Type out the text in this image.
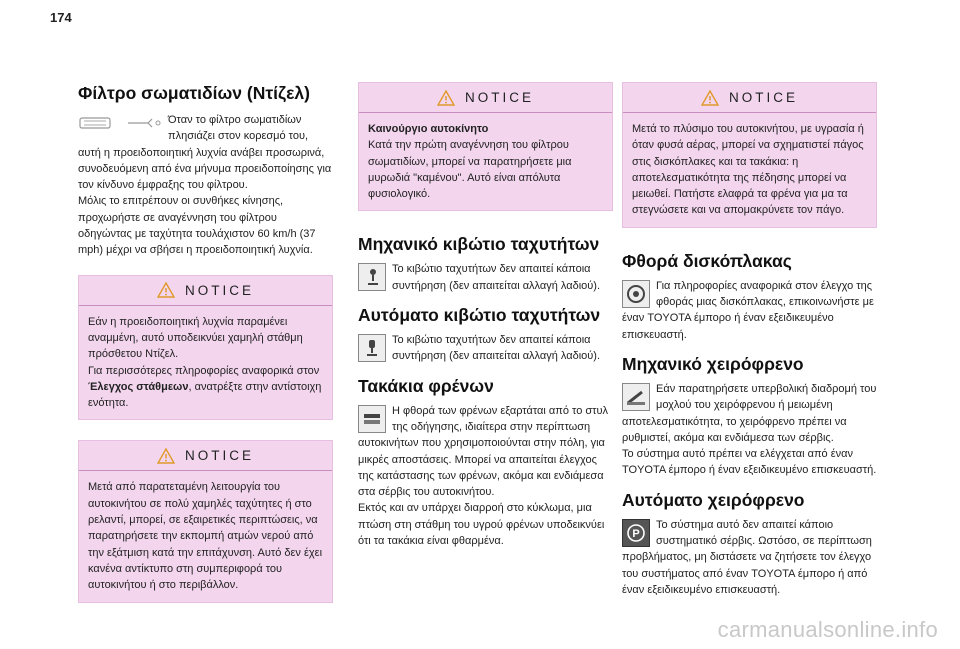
174
Φίλτρο σωματιδίων (Ντίζελ)
Όταν το φίλτρο σωματιδίων πλησιάζει στον κορεσμό του, αυτή η προειδοποιητική λυχνία ανάβει προσωρινά, συνοδευόμενη από ένα μήνυμα προειδοποίησης για τον κίνδυνο έμφραξης του φίλτρου.

Μόλις το επιτρέπουν οι συνθήκες κίνησης, προχωρήστε σε αναγέννηση του φίλτρου οδηγώντας με ταχύτητα τουλάχιστον 60 km/h (37 mph) μέχρι να σβήσει η προειδοποιητική λυχνία.

NOTICE

Εάν η προειδοποιητική λυχνία παραμένει αναμμένη, αυτό υποδεικνύει χαμηλή στάθμη πρόσθετου Ντίζελ.

Για περισσότερες πληροφορίες αναφορικά στον Έλεγχος στάθμεων, ανατρέξτε στην αντίστοιχη ενότητα.

NOTICE
Μετά από παρατεταμένη λειτουργία του αυτοκινήτου σε πολύ χαμηλές ταχύτητες ή στο ρελαντί, μπορεί, σε εξαιρετικές περιπτώσεις, να παρατηρήσετε την εκπομπή ατμών νερού από την εξάτμιση κατά την επιτάχυνση. Αυτό δεν έχει κανένα αντίκτυπο στη συμπεριφορά του αυτοκινήτου ή στο περιβάλλον.
NOTICE

Καινούργιο αυτοκίνητο

Κατά την πρώτη αναγέννηση του φίλτρου σωματιδίων, μπορεί να παρατηρήσετε μια μυρωδιά "καμένου". Αυτό είναι απόλυτα φυσιολογικό.

Μηχανικό κιβώτιο ταχυτήτων
Το κιβώτιο ταχυτήτων δεν απαιτεί κάποια συντήρηση (δεν απαιτείται αλλαγή λαδιού).
Αυτόματο κιβώτιο ταχυτήτων
Το κιβώτιο ταχυτήτων δεν απαιτεί κάποια συντήρηση (δεν απαιτείται αλλαγή λαδιού).
Τακάκια φρένων
Η φθορά των φρένων εξαρτάται από το στυλ της οδήγησης, ιδιαίτερα στην περίπτωση αυτοκινήτων που χρησιμοποιούνται στην πόλη, για μικρές αποστάσεις. Μπορεί να απαιτείται έλεγχος της κατάστασης των φρένων, ακόμα και ενδιάμεσα στα σέρβις του αυτοκινήτου.

Εκτός και αν υπάρχει διαρροή στο κύκλωμα, μια πτώση στη στάθμη του υγρού φρένων υποδεικνύει ότι τα τακάκια είναι φθαρμένα.

NOTICE
Μετά το πλύσιμο του αυτοκινήτου, με υγρασία ή όταν φυσά αέρας, μπορεί να σχηματιστεί πάγος στις δισκόπλακες και τα τακάκια: η αποτελεσματικότητα της πέδησης μπορεί να μειωθεί. Πατήστε ελαφρά τα φρένα για μα τα στεγνώσετε και να απομακρύνετε τον πάγο.
Φθορά δισκόπλακας
Για πληροφορίες αναφορικά στον έλεγχο της φθοράς μιας δισκόπλακας, επικοινωνήστε με έναν TOYOTA έμπορο ή έναν εξειδικευμένο επισκευαστή.
Μηχανικό χειρόφρενο
Εάν παρατηρήσετε υπερβολική διαδρομή του μοχλού του χειρόφρενου ή μειωμένη αποτελεσματικότητα, το χειρόφρενο πρέπει να ρυθμιστεί, ακόμα και ενδιάμεσα των σέρβις.

Το σύστημα αυτό πρέπει να ελέγχεται από έναν TOYOTA έμπορο ή έναν εξειδικευμένο επισκευαστή.

Αυτόματο χειρόφρενο
P
Το σύστημα αυτό δεν απαιτεί κάποιο συστηματικό σέρβις. Ωστόσο, σε περίπτωση προβλήματος, μη διστάσετε να ζητήσετε τον έλεγχο του συστήματος από έναν TOYOTA έμπορο ή από έναν εξειδικευμένο επισκευαστή.
carmanualsonline.info
